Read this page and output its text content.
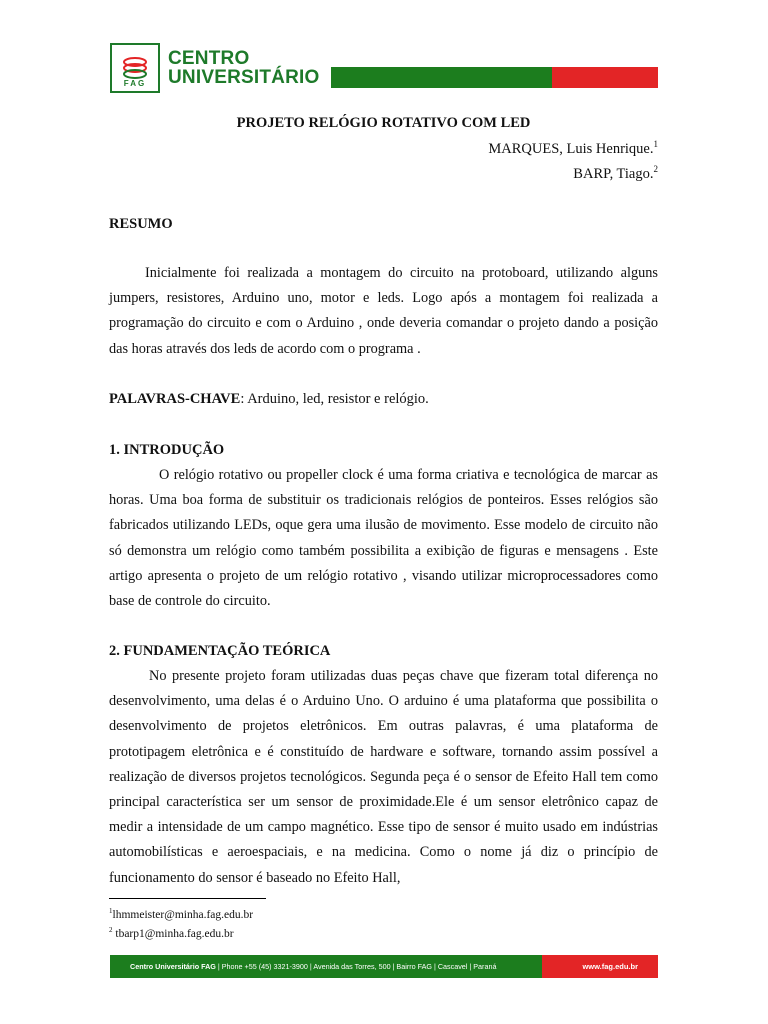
FAG
CENTRO
UNIVERSITÁRIO
PROJETO RELÓGIO ROTATIVO COM LED
MARQUES, Luis Henrique.$^1$
BARP, Tiago.$^2$
RESUMO

Inicialmente foi realizada a montagem do circuito na protoboard, utilizando alguns jumpers, resistores, Arduino uno, motor e leds. Logo após a montagem foi realizada a programação do circuito e com o Arduino , onde deveria comandar o projeto dando a posição das horas através dos leds de acordo com o programa .

PALAVRAS-CHAVE: Arduino, led, resistor e relógio.
1. INTRODUÇÃO

O relógio rotativo ou propeller clock é uma forma criativa e tecnológica de marcar as horas. Uma boa forma de substituir os tradicionais relógios de ponteiros. Esses relógios são fabricados utilizando LEDs, oque gera uma ilusão de movimento. Esse modelo de circuito não só demonstra um relógio como também possibilita a exibição de figuras e mensagens . Este artigo apresenta o projeto de um relógio rotativo , visando utilizar microprocessadores como base de controle do circuito.

2. FUNDAMENTAÇÃO TEÓRICA

No presente projeto foram utilizadas duas peças chave que fizeram total diferença no desenvolvimento, uma delas é o Arduino Uno. O arduino é uma plataforma que possibilita o desenvolvimento de projetos eletrônicos. Em outras palavras, é uma plataforma de prototipagem eletrônica e é constituído de hardware e software, tornando assim possível a realização de diversos projetos tecnológicos. Segunda peça é o sensor de Efeito Hall tem como principal característica ser um sensor de proximidade.Ele é um sensor eletrônico capaz de medir a intensidade de um campo magnético. Esse tipo de sensor é muito usado em indústrias automobilísticas e aeroespaciais, e na medicina. Como o nome já diz o princípio de funcionamento do sensor é baseado no Efeito Hall,

$^1$lhmmeister@minha.fag.edu.br
$^2$ tbarp1@minha.fag.edu.br
Centro Universitário FAG | Phone +55 (45) 3321-3900 | Avenida das Torres, 500 | Bairro FAG | Cascavel | Paraná	www.fag.edu.br
